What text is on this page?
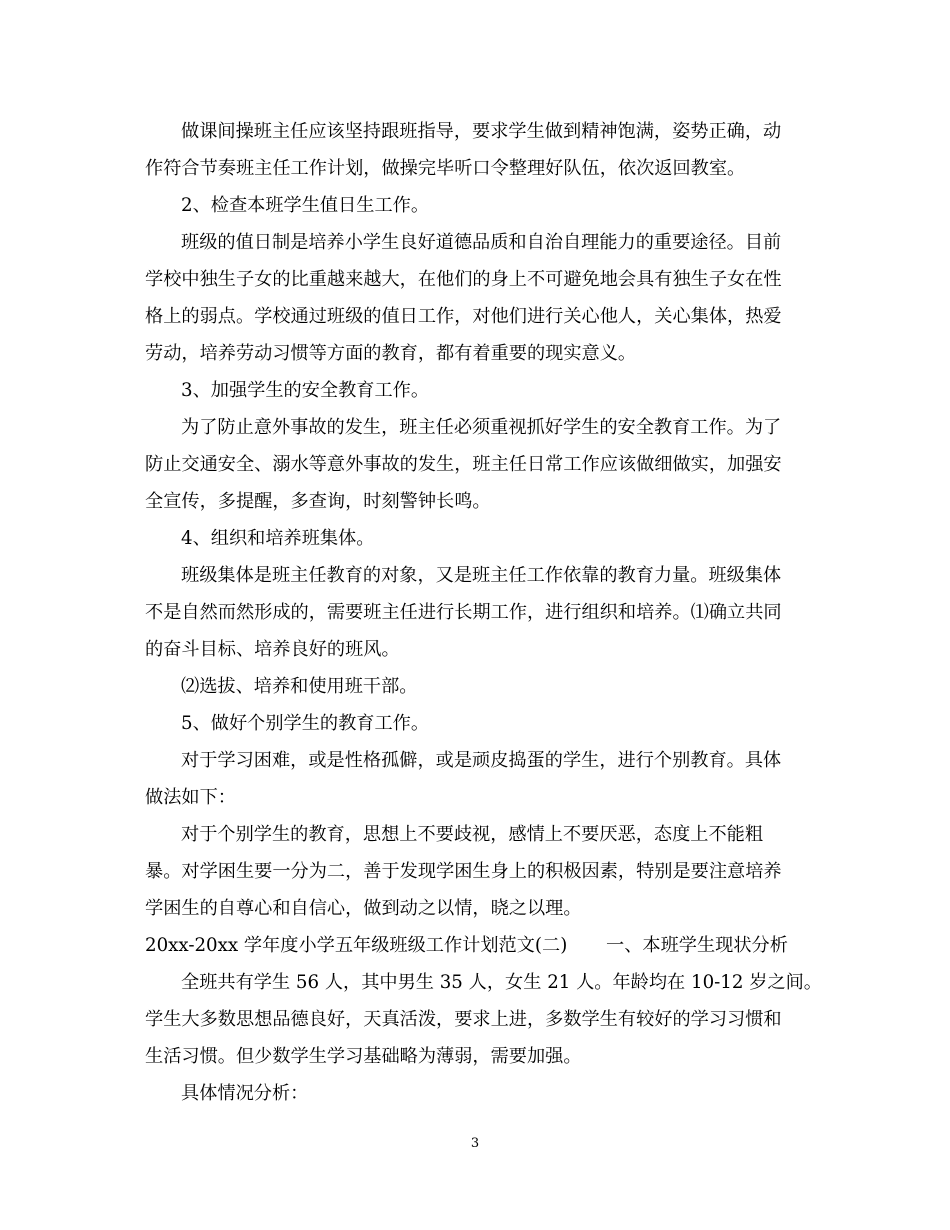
做课间操班主任应该坚持跟班指导，要求学生做到精神饱满，姿势正确，动
作符合节奏班主任工作计划，做操完毕听口令整理好队伍，依次返回教室。
2、检查本班学生值日生工作。
班级的值日制是培养小学生良好道德品质和自治自理能力的重要途径。目前
学校中独生子女的比重越来越大，在他们的身上不可避免地会具有独生子女在性
格上的弱点。学校通过班级的值日工作，对他们进行关心他人，关心集体，热爱
劳动，培养劳动习惯等方面的教育，都有着重要的现实意义。
3、加强学生的安全教育工作。
为了防止意外事故的发生，班主任必须重视抓好学生的安全教育工作。为了
防止交通安全、溺水等意外事故的发生，班主任日常工作应该做细做实，加强安
全宣传，多提醒，多查询，时刻警钟长鸣。
4、组织和培养班集体。
班级集体是班主任教育的对象，又是班主任工作依靠的教育力量。班级集体
不是自然而然形成的，需要班主任进行长期工作，进行组织和培养。⑴确立共同
的奋斗目标、培养良好的班风。
⑵选拔、培养和使用班干部。
5、做好个别学生的教育工作。
对于学习困难，或是性格孤僻，或是顽皮捣蛋的学生，进行个别教育。具体
做法如下：
对于个别学生的教育，思想上不要歧视，感情上不要厌恶，态度上不能粗
暴。对学困生要一分为二，善于发现学困生身上的积极因素，特别是要注意培养
学困生的自尊心和自信心，做到动之以情，晓之以理。
20xx-20xx 学年度小学五年级班级工作计划范文(二) 一、本班学生现状分析
全班共有学生 56 人，其中男生 35 人，女生 21 人。年龄均在 10-12 岁之间。
学生大多数思想品德良好，天真活泼，要求上进，多数学生有较好的学习习惯和
生活习惯。但少数学生学习基础略为薄弱，需要加强。
具体情况分析：
3
